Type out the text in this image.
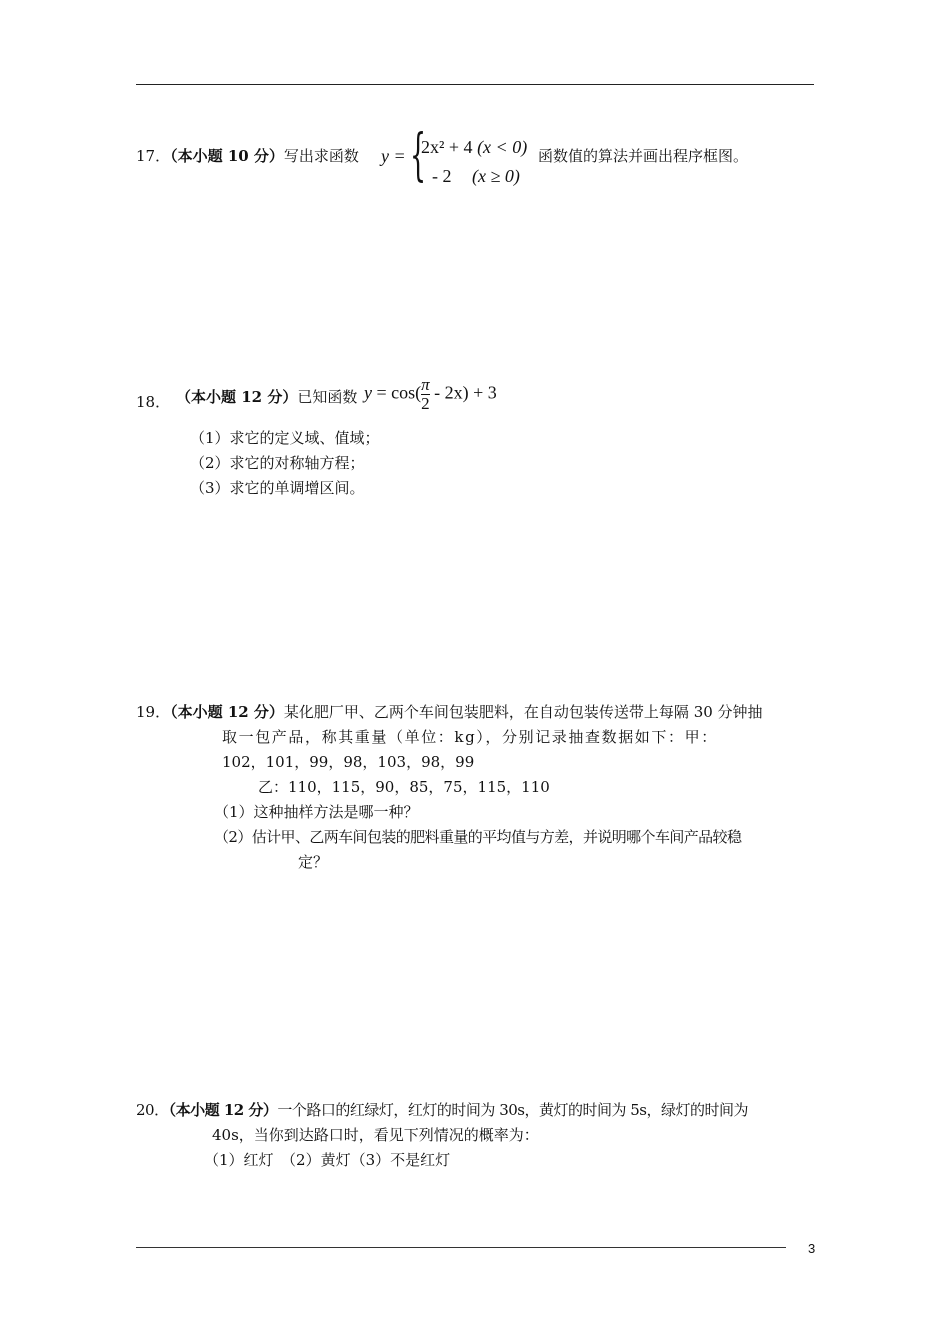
17．（本小题 10 分）写出求函数 y = {
2x² + 4 (x < 0)
- 2 (x ≥ 0)
函数值的算法并画出程序框图。
18． （本小题 12 分）已知函数 $y = \cos( \frac{\pi}{2} - 2x) + 3$
（1）求它的定义域、值域；
（2）求它的对称轴方程；
（3）求它的单调增区间。
19．（本小题 12 分）某化肥厂甲、乙两个车间包装肥料，在自动包装传送带上每隔 30 分钟抽
取一包产品，称其重量（单位：kg），分别记录抽查数据如下：甲：
102，101，99，98，103，98，99
乙：110，115，90，85，75，115，110
（1）这种抽样方法是哪一种？
（2）估计甲、乙两车间包装的肥料重量的平均值与方差，并说明哪个车间产品较稳
定？
20．（本小题 12 分）一个路口的红绿灯，红灯的时间为 30s，黄灯的时间为 5s，绿灯的时间为
40s，当你到达路口时，看见下列情况的概率为：
（1）红灯　（2）黄灯（3）不是红灯
3
